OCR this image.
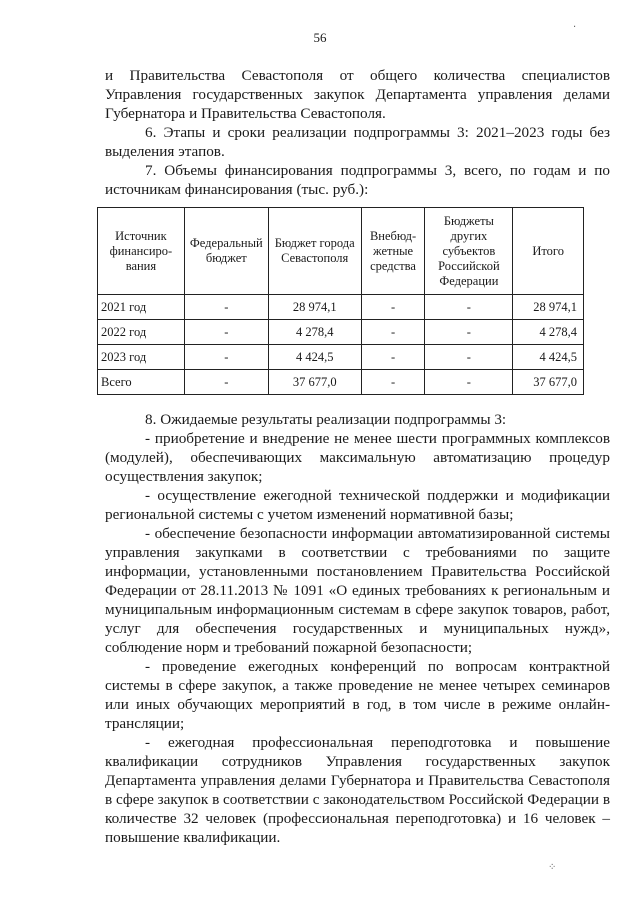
56

и Правительства Севастополя от общего количества специалистов Управления государственных закупок Департамента управления делами Губернатора и Правительства Севастополя.

6. Этапы и сроки реализации подпрограммы 3: 2021–2023 годы без выделения этапов.

7. Объемы финансирования подпрограммы 3, всего, по годам и по источникам финансирования (тыс. руб.):

Источник финансиро-вания	Федеральный бюджет	Бюджет города Севастополя	Внебюд-жетные средства	Бюджеты других субъектов Российской Федерации	Итого
2021 год	-	28 974,1	-	-	28 974,1
2022 год	-	4 278,4	-	-	4 278,4
2023 год	-	4 424,5	-	-	4 424,5
Всего	-	37 677,0	-	-	37 677,0

8. Ожидаемые результаты реализации подпрограммы 3:

- приобретение и внедрение не менее шести программных комплексов (модулей), обеспечивающих максимальную автоматизацию процедур осуществления закупок;

- осуществление ежегодной технической поддержки и модификации региональной системы с учетом изменений нормативной базы;

- обеспечение безопасности информации автоматизированной системы управления закупками в соответствии с требованиями по защите информации, установленными постановлением Правительства Российской Федерации от 28.11.2013 № 1091 «О единых требованиях к региональным и муниципальным информационным системам в сфере закупок товаров, работ, услуг для обеспечения государственных и муниципальных нужд», соблюдение норм и требований пожарной безопасности;

- проведение ежегодных конференций по вопросам контрактной системы в сфере закупок, а также проведение не менее четырех семинаров или иных обучающих мероприятий в год, в том числе в режиме онлайн-трансляции;

- ежегодная профессиональная переподготовка и повышение квалификации сотрудников Управления государственных закупок Департамента управления делами Губернатора и Правительства Севастополя в сфере закупок в соответствии с законодательством Российской Федерации в количестве 32 человек (профессиональная переподготовка) и 16 человек – повышение квалификации.

‧
⁘
